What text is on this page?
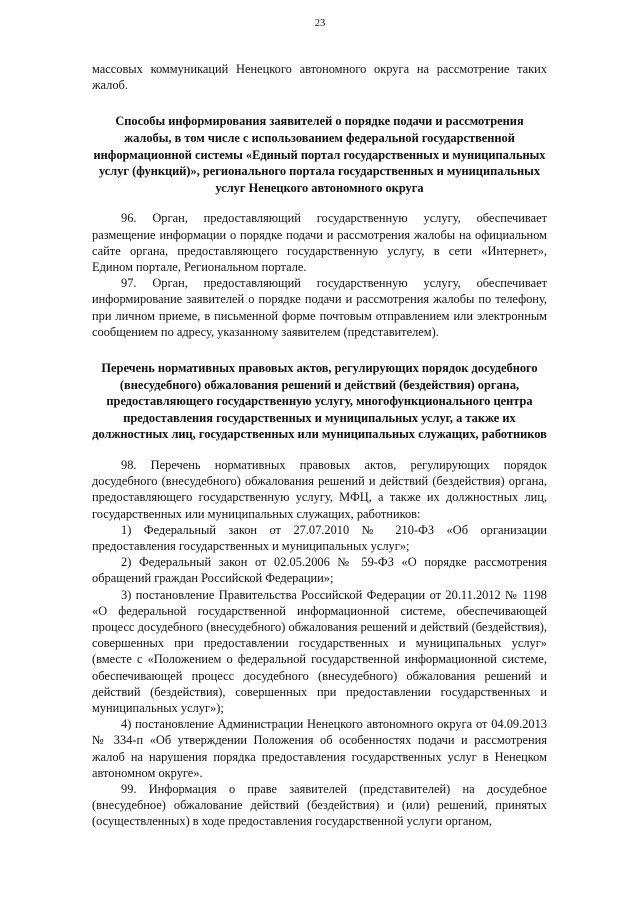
23

массовых коммуникаций Ненецкого автономного округа на рассмотрение таких жалоб.

Способы информирования заявителей о порядке подачи и рассмотрения жалобы, в том числе с использованием федеральной государственной информационной системы «Единый портал государственных и муниципальных услуг (функций)», регионального портала государственных и муниципальных услуг Ненецкого автономного округа

96. Орган, предоставляющий государственную услугу, обеспечивает размещение информации о порядке подачи и рассмотрения жалобы на официальном сайте органа, предоставляющего государственную услугу, в сети «Интернет», Едином портале, Региональном портале.

97. Орган, предоставляющий государственную услугу, обеспечивает информирование заявителей о порядке подачи и рассмотрения жалобы по телефону, при личном приеме, в письменной форме почтовым отправлением или электронным сообщением по адресу, указанному заявителем (представителем).

Перечень нормативных правовых актов, регулирующих порядок досудебного (внесудебного) обжалования решений и действий (бездействия) органа, предоставляющего государственную услугу, многофункционального центра предоставления государственных и муниципальных услуг, а также их должностных лиц, государственных или муниципальных служащих, работников

98. Перечень нормативных правовых актов, регулирующих порядок досудебного (внесудебного) обжалования решений и действий (бездействия) органа, предоставляющего государственную услугу, МФЦ, а также их должностных лиц, государственных или муниципальных служащих, работников:

1) Федеральный закон от 27.07.2010 № 210-ФЗ «Об организации предоставления государственных и муниципальных услуг»;

2) Федеральный закон от 02.05.2006 № 59-ФЗ «О порядке рассмотрения обращений граждан Российской Федерации»;

3) постановление Правительства Российской Федерации от 20.11.2012 № 1198 «О федеральной государственной информационной системе, обеспечивающей процесс досудебного (внесудебного) обжалования решений и действий (бездействия), совершенных при предоставлении государственных и муниципальных услуг» (вместе с «Положением о федеральной государственной информационной системе, обеспечивающей процесс досудебного (внесудебного) обжалования решений и действий (бездействия), совершенных при предоставлении государственных и муниципальных услуг»);

4) постановление Администрации Ненецкого автономного округа от 04.09.2013 № 334-п «Об утверждении Положения об особенностях подачи и рассмотрения жалоб на нарушения порядка предоставления государственных услуг в Ненецком автономном округе».

99. Информация о праве заявителей (представителей) на досудебное (внесудебное) обжалование действий (бездействия) и (или) решений, принятых (осуществленных) в ходе предоставления государственной услуги органом,
